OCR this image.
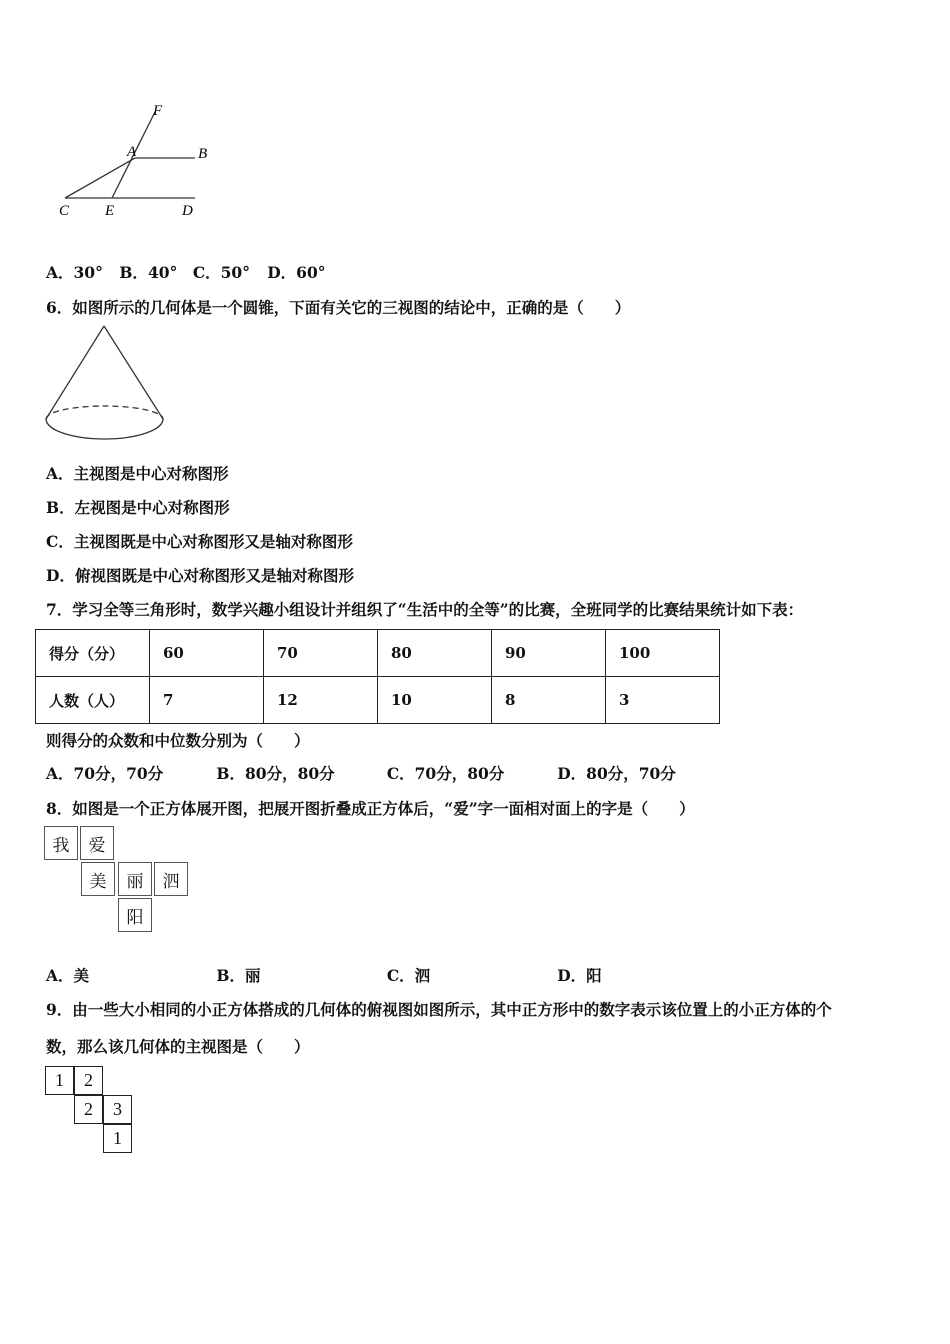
F
A	B
C E	D
A．30° B．40° C．50° D．60°
6．如图所示的几何体是一个圆锥，下面有关它的三视图的结论中，正确的是（　　）
A．主视图是中心对称图形
B．左视图是中心对称图形
C．主视图既是中心对称图形又是轴对称图形
D．俯视图既是中心对称图形又是轴对称图形
7．学习全等三角形时，数学兴趣小组设计并组织了“生活中的全等”的比赛，全班同学的比赛结果统计如下表：
得分（分）	60	70	80	90	100
人数（人）	7	12	10	8	3
则得分的众数和中位数分别为（　　）
A．70分，70分	B．80分，80分	C．70分，80分	D．80分，70分
8．如图是一个正方体展开图，把展开图折叠成正方体后，“爱”字一面相对面上的字是（　　）
我	爱
美	丽	泗
阳
A．美	B．丽	C．泗	D．阳
9．由一些大小相同的小正方体搭成的几何体的俯视图如图所示，其中正方形中的数字表示该位置上的小正方体的个
数，那么该几何体的主视图是（　　）
1	2
2	3
1
